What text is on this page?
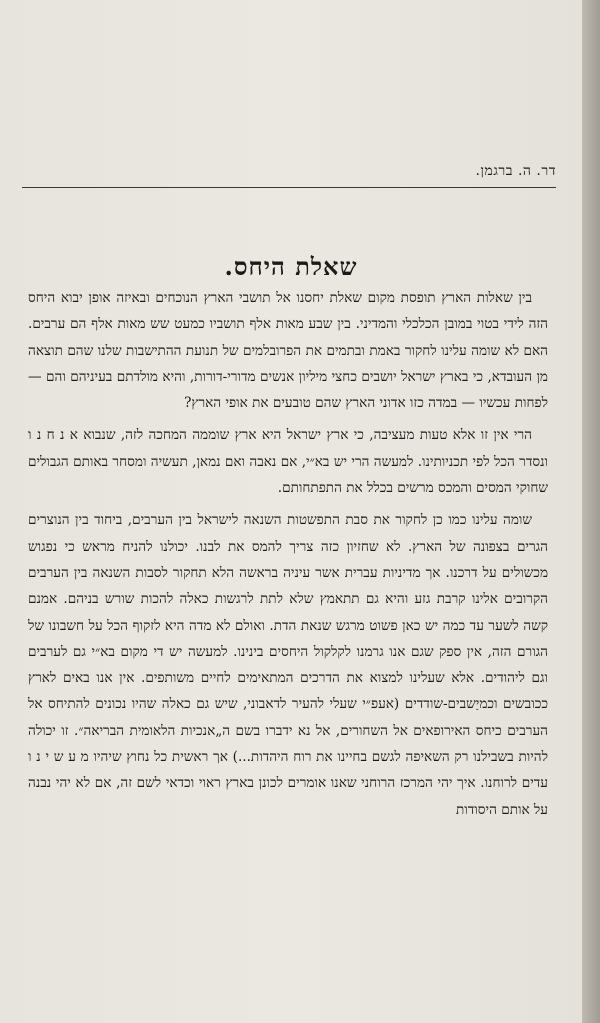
דר. ה. ברגמן.
שאלת היחס.

בין שאלות הארץ תופסת מקום שאלת יחסנו אל תושבי הארץ הנוכחים ובאיזה אופן יבוא היחס הזה לידי בטוי במובן הכלכלי והמדיני. בין שבע מאות אלף תושביו כמעט שש מאות אלף הם ערבים. האם לא שומה עלינו לחקור באמת ובתמים את הפרובלמים של תנועת ההתישבות שלנו שהם תוצאה מן העובדא, כי בארץ ישראל יושבים כחצי מיליון אנשים מדורי-דורות, והיא מולדתם בעיניהם והם — לפחות עכשיו — במדה כזו אדוני הארץ שהם טובעים את אופי הארץ?

הרי אין זו אלא טעות מעציבה, כי ארץ ישראל היא ארץ שוממה המחכה לזה, שנבוא א נ ח נ ו ונסדר הכל לפי תכניותינו. למעשה הרי יש בא״י, אם נאבה ואם נמאן, תעשיה ומסחר באותם הגבולים שחוקי המסים והמכס מרשים בכלל את התפתחותם.

שומה עלינו כמו כן לחקור את סבת התפשטות השנאה לישראל בין הערבים, ביחוד בין הנוצרים הגרים בצפונה של הארץ. לא שחזיון כזה צריך להמס את לבנו. יכולנו להניח מראש כי נפגוש מכשולים על דרכנו. אך מדיניות עברית אשר עיניה בראשה הלא תחקור לסבות השנאה בין הערבים הקרובים אלינו קרבת גזע והיא גם תתאמץ שלא לתת לרגשות כאלה להכות שורש בניהם. אמנם קשה לשער עד כמה יש כאן פשוט מרגש שנאת הדת. ואולם לא מדה היא לזקוף הכל על חשבונו של הגורם הזה, אין ספק שגם אנו גרמנו לקלקול היחסים בינינו. למעשה יש די מקום בא״י גם לערבים וגם ליהודים. אלא שעלינו למצוא את הדרכים המתאימים לחיים משותפים. אין אנו באים לארץ ככובשים וכמיַשבים-שודדים (אעפ״י שעלי להעיר לדאבוני, שיש גם כאלה שהיו נכונים להתיחס אל הערבים כיחס האירופאים אל השחורים, אל נא ידברו בשם ה„אנכיות הלאומית הבריאה״. זו יכולה להיות בשבילנו רק השאיפה לגשם בחיינו את רוח היהדות...) אך ראשית כל נחוץ שיהיו מ ע ש י נ ו עדים לרוחנו. איך יהי המרכז הרוחני שאנו אומרים לכונן בארץ ראוי וכדאי לשם זה, אם לא יהי נבנה על אותם היסודות
